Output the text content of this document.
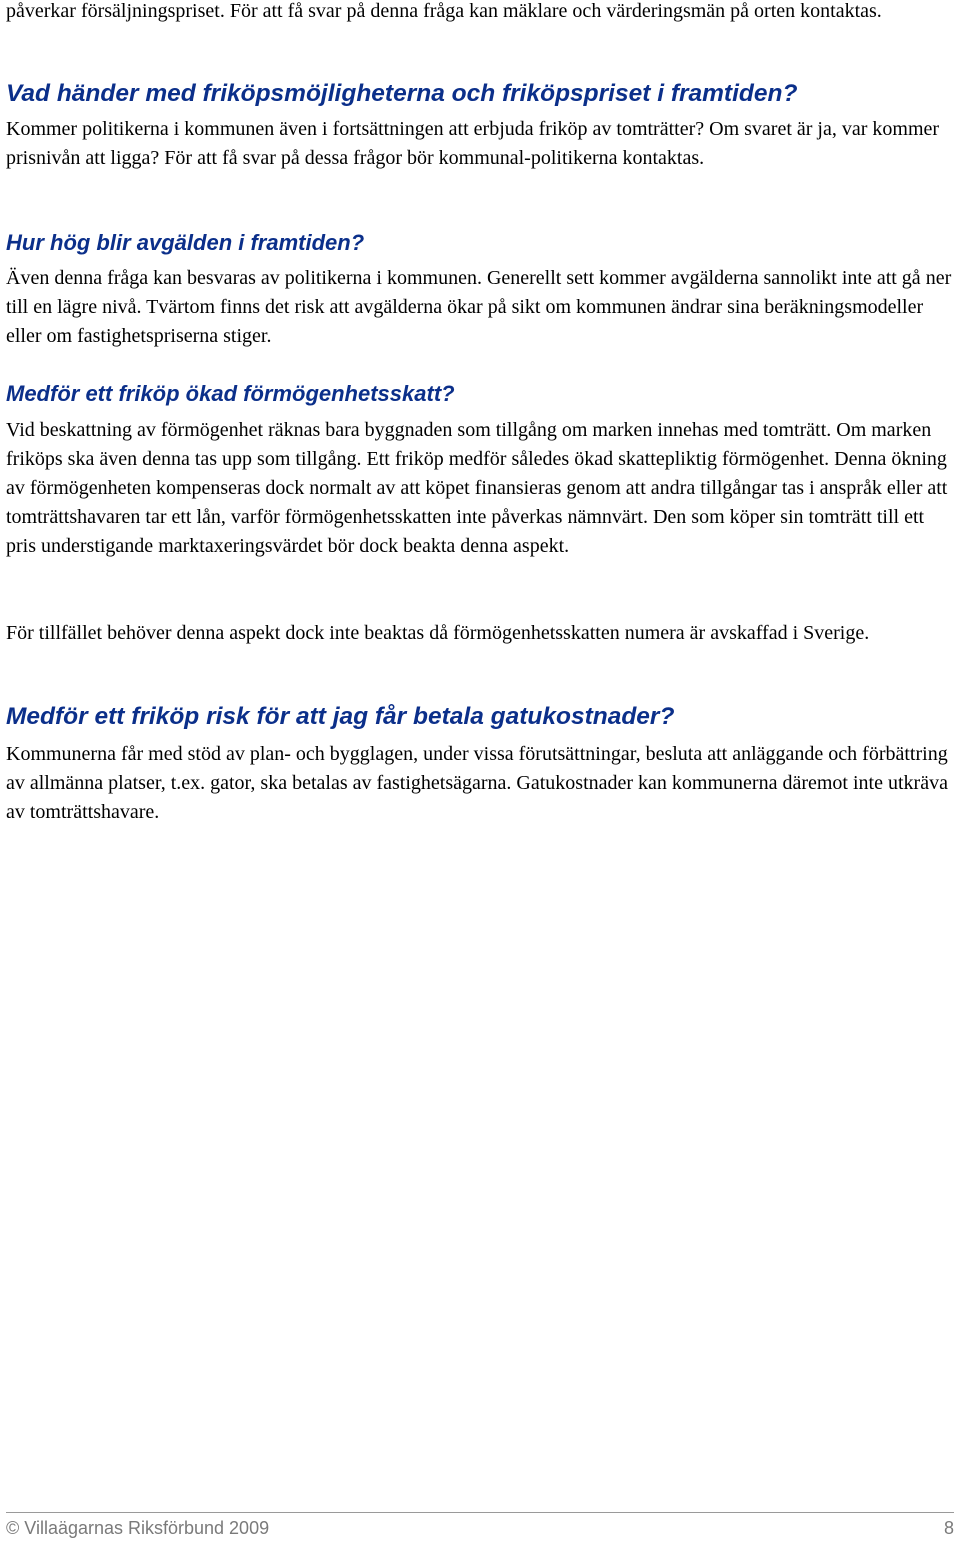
påverkar försäljningspriset. För att få svar på denna fråga kan mäklare och värderingsmän på orten kontaktas.

Vad händer med friköpsmöjligheterna och friköpspriset i framtiden?

Kommer politikerna i kommunen även i fortsättningen att erbjuda friköp av tomträtter? Om svaret är ja, var kommer prisnivån att ligga? För att få svar på dessa frågor bör kommunal-politikerna kontaktas.

Hur hög blir avgälden i framtiden?

Även denna fråga kan besvaras av politikerna i kommunen. Generellt sett kommer avgälderna sannolikt inte att gå ner till en lägre nivå. Tvärtom finns det risk att avgälderna ökar på sikt om kommunen ändrar sina beräkningsmodeller eller om fastighetspriserna stiger.

Medför ett friköp ökad förmögenhetsskatt?

Vid beskattning av förmögenhet räknas bara byggnaden som tillgång om marken innehas med tomträtt. Om marken friköps ska även denna tas upp som tillgång. Ett friköp medför således ökad skattepliktig förmögenhet. Denna ökning av förmögenheten kompenseras dock normalt av att köpet finansieras genom att andra tillgångar tas i anspråk eller att tomträttshavaren tar ett lån, varför förmögenhetsskatten inte påverkas nämnvärt. Den som köper sin tomträtt till ett pris understigande marktaxeringsvärdet bör dock beakta denna aspekt.

För tillfället behöver denna aspekt dock inte beaktas då förmögenhetsskatten numera är avskaffad i Sverige.

Medför ett friköp risk för att jag får betala gatukostnader?

Kommunerna får med stöd av plan- och bygglagen, under vissa förutsättningar, besluta att anläggande och förbättring av allmänna platser, t.ex. gator, ska betalas av fastighetsägarna. Gatukostnader kan kommunerna däremot inte utkräva av tomträttshavare.

© Villaägarnas Riksförbund 2009	8
